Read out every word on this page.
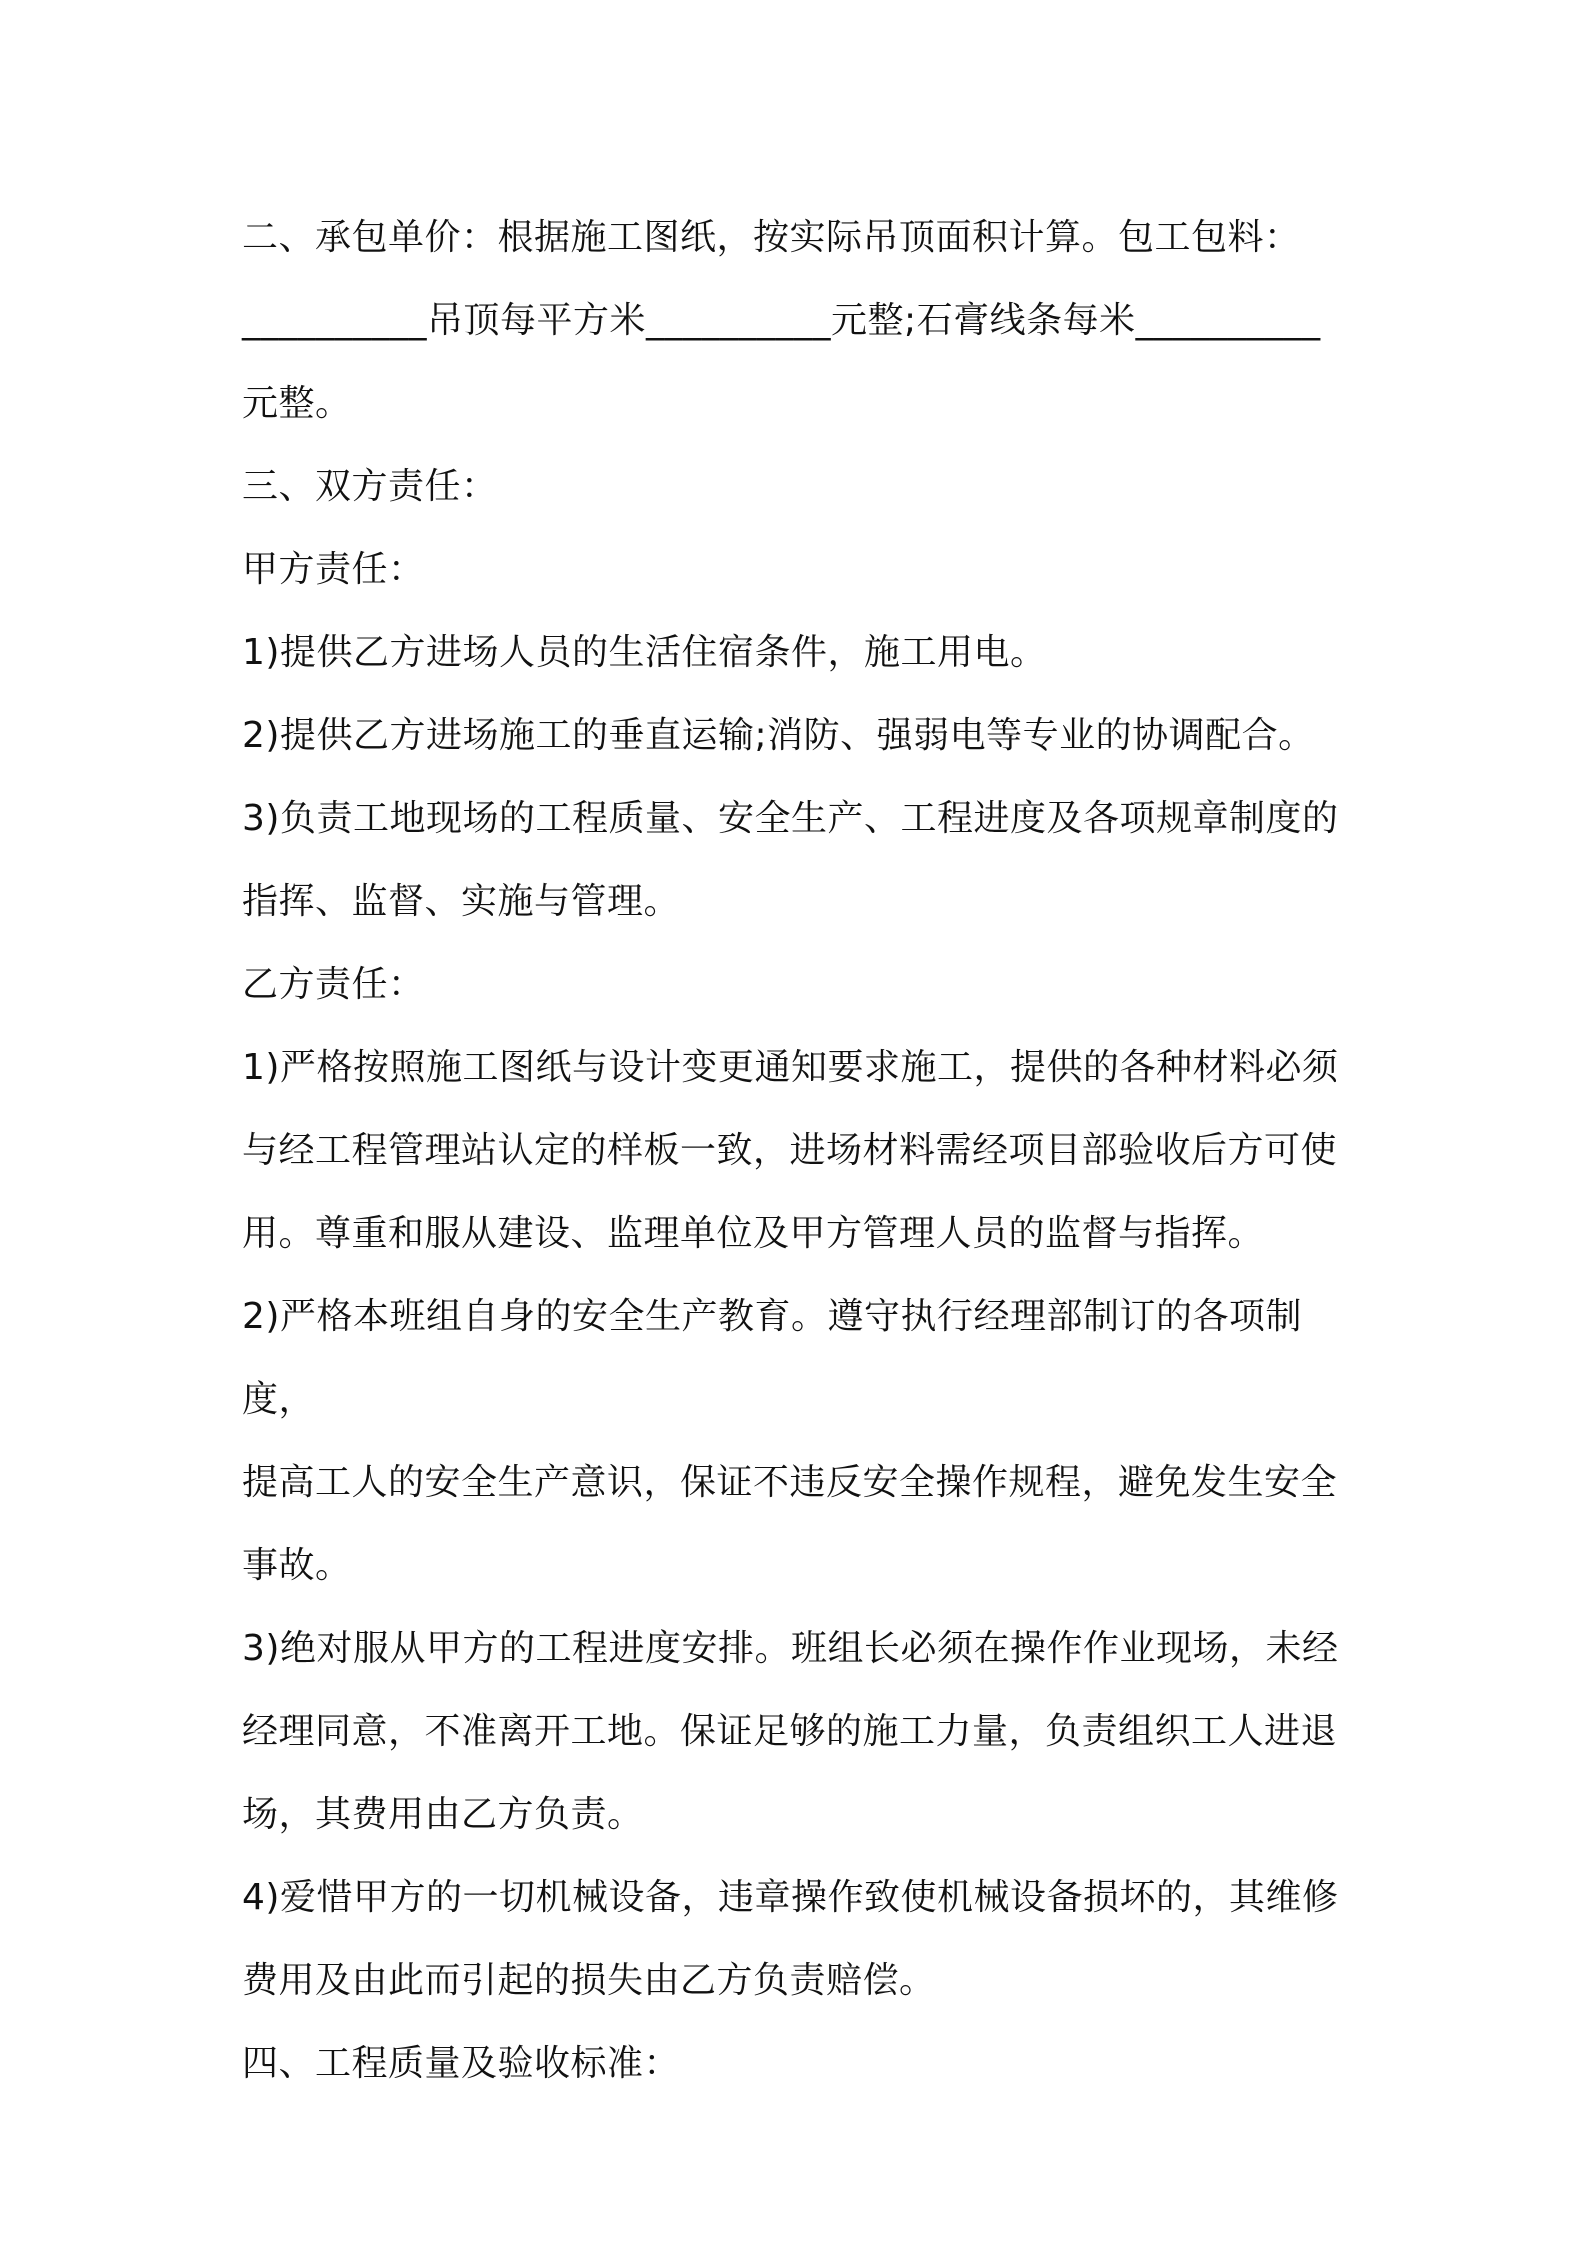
二、承包单价：根据施工图纸，按实际吊顶面积计算。包工包料：

__________吊顶每平方米__________元整;石膏线条每米__________

元整。

三、双方责任：

甲方责任：

1)提供乙方进场人员的生活住宿条件，施工用电。

2)提供乙方进场施工的垂直运输;消防、强弱电等专业的协调配合。

3)负责工地现场的工程质量、安全生产、工程进度及各项规章制度的

指挥、监督、实施与管理。

乙方责任：

1)严格按照施工图纸与设计变更通知要求施工，提供的各种材料必须

与经工程管理站认定的样板一致，进场材料需经项目部验收后方可使

用。尊重和服从建设、监理单位及甲方管理人员的监督与指挥。

2)严格本班组自身的安全生产教育。遵守执行经理部制订的各项制度，

提高工人的安全生产意识，保证不违反安全操作规程，避免发生安全

事故。

3)绝对服从甲方的工程进度安排。班组长必须在操作作业现场，未经

经理同意，不准离开工地。保证足够的施工力量，负责组织工人进退

场，其费用由乙方负责。

4)爱惜甲方的一切机械设备，违章操作致使机械设备损坏的，其维修

费用及由此而引起的损失由乙方负责赔偿。

四、工程质量及验收标准：
